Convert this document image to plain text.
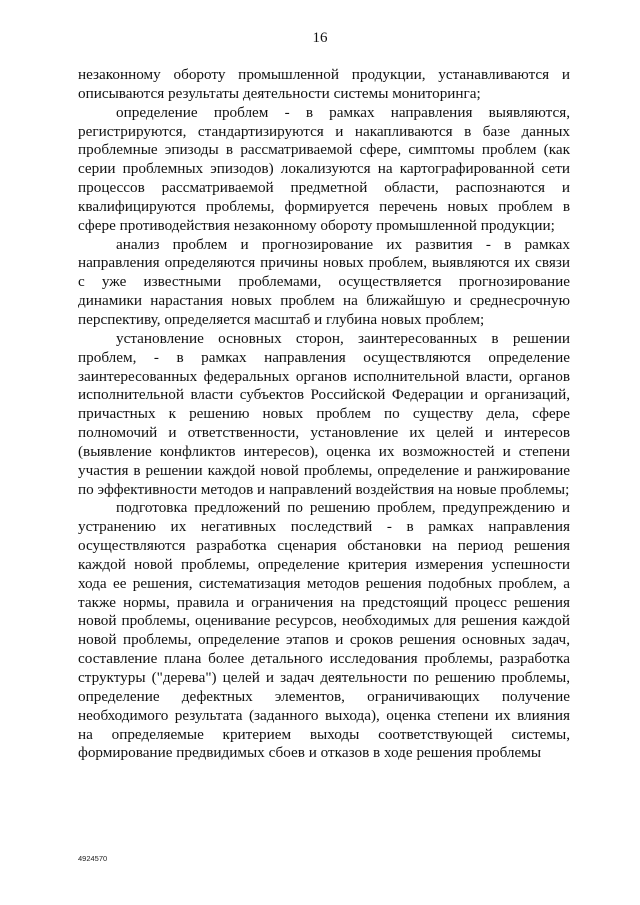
16

незаконному обороту промышленной продукции, устанавливаются и описываются результаты деятельности системы мониторинга;

определение проблем - в рамках направления выявляются, регистрируются, стандартизируются и накапливаются в базе данных проблемные эпизоды в рассматриваемой сфере, симптомы проблем (как серии проблемных эпизодов) локализуются на картографированной сети процессов рассматриваемой предметной области, распознаются и квалифицируются проблемы, формируется перечень новых проблем в сфере противодействия незаконному обороту промышленной продукции;

анализ проблем и прогнозирование их развития - в рамках направления определяются причины новых проблем, выявляются их связи с уже известными проблемами, осуществляется прогнозирование динамики нарастания новых проблем на ближайшую и среднесрочную перспективу, определяется масштаб и глубина новых проблем;

установление основных сторон, заинтересованных в решении проблем, - в рамках направления осуществляются определение заинтересованных федеральных органов исполнительной власти, органов исполнительной власти субъектов Российской Федерации и организаций, причастных к решению новых проблем по существу дела, сфере полномочий и ответственности, установление их целей и интересов (выявление конфликтов интересов), оценка их возможностей и степени участия в решении каждой новой проблемы, определение и ранжирование по эффективности методов и направлений воздействия на новые проблемы;

подготовка предложений по решению проблем, предупреждению и устранению их негативных последствий - в рамках направления осуществляются разработка сценария обстановки на период решения каждой новой проблемы, определение критерия измерения успешности хода ее решения, систематизация методов решения подобных проблем, а также нормы, правила и ограничения на предстоящий процесс решения новой проблемы, оценивание ресурсов, необходимых для решения каждой новой проблемы, определение этапов и сроков решения основных задач, составление плана более детального исследования проблемы, разработка структуры ("дерева") целей и задач деятельности по решению проблемы, определение дефектных элементов, ограничивающих получение необходимого результата (заданного выхода), оценка степени их влияния на определяемые критерием выходы соответствующей системы, формирование предвидимых сбоев и отказов в ходе решения проблемы

4924570
